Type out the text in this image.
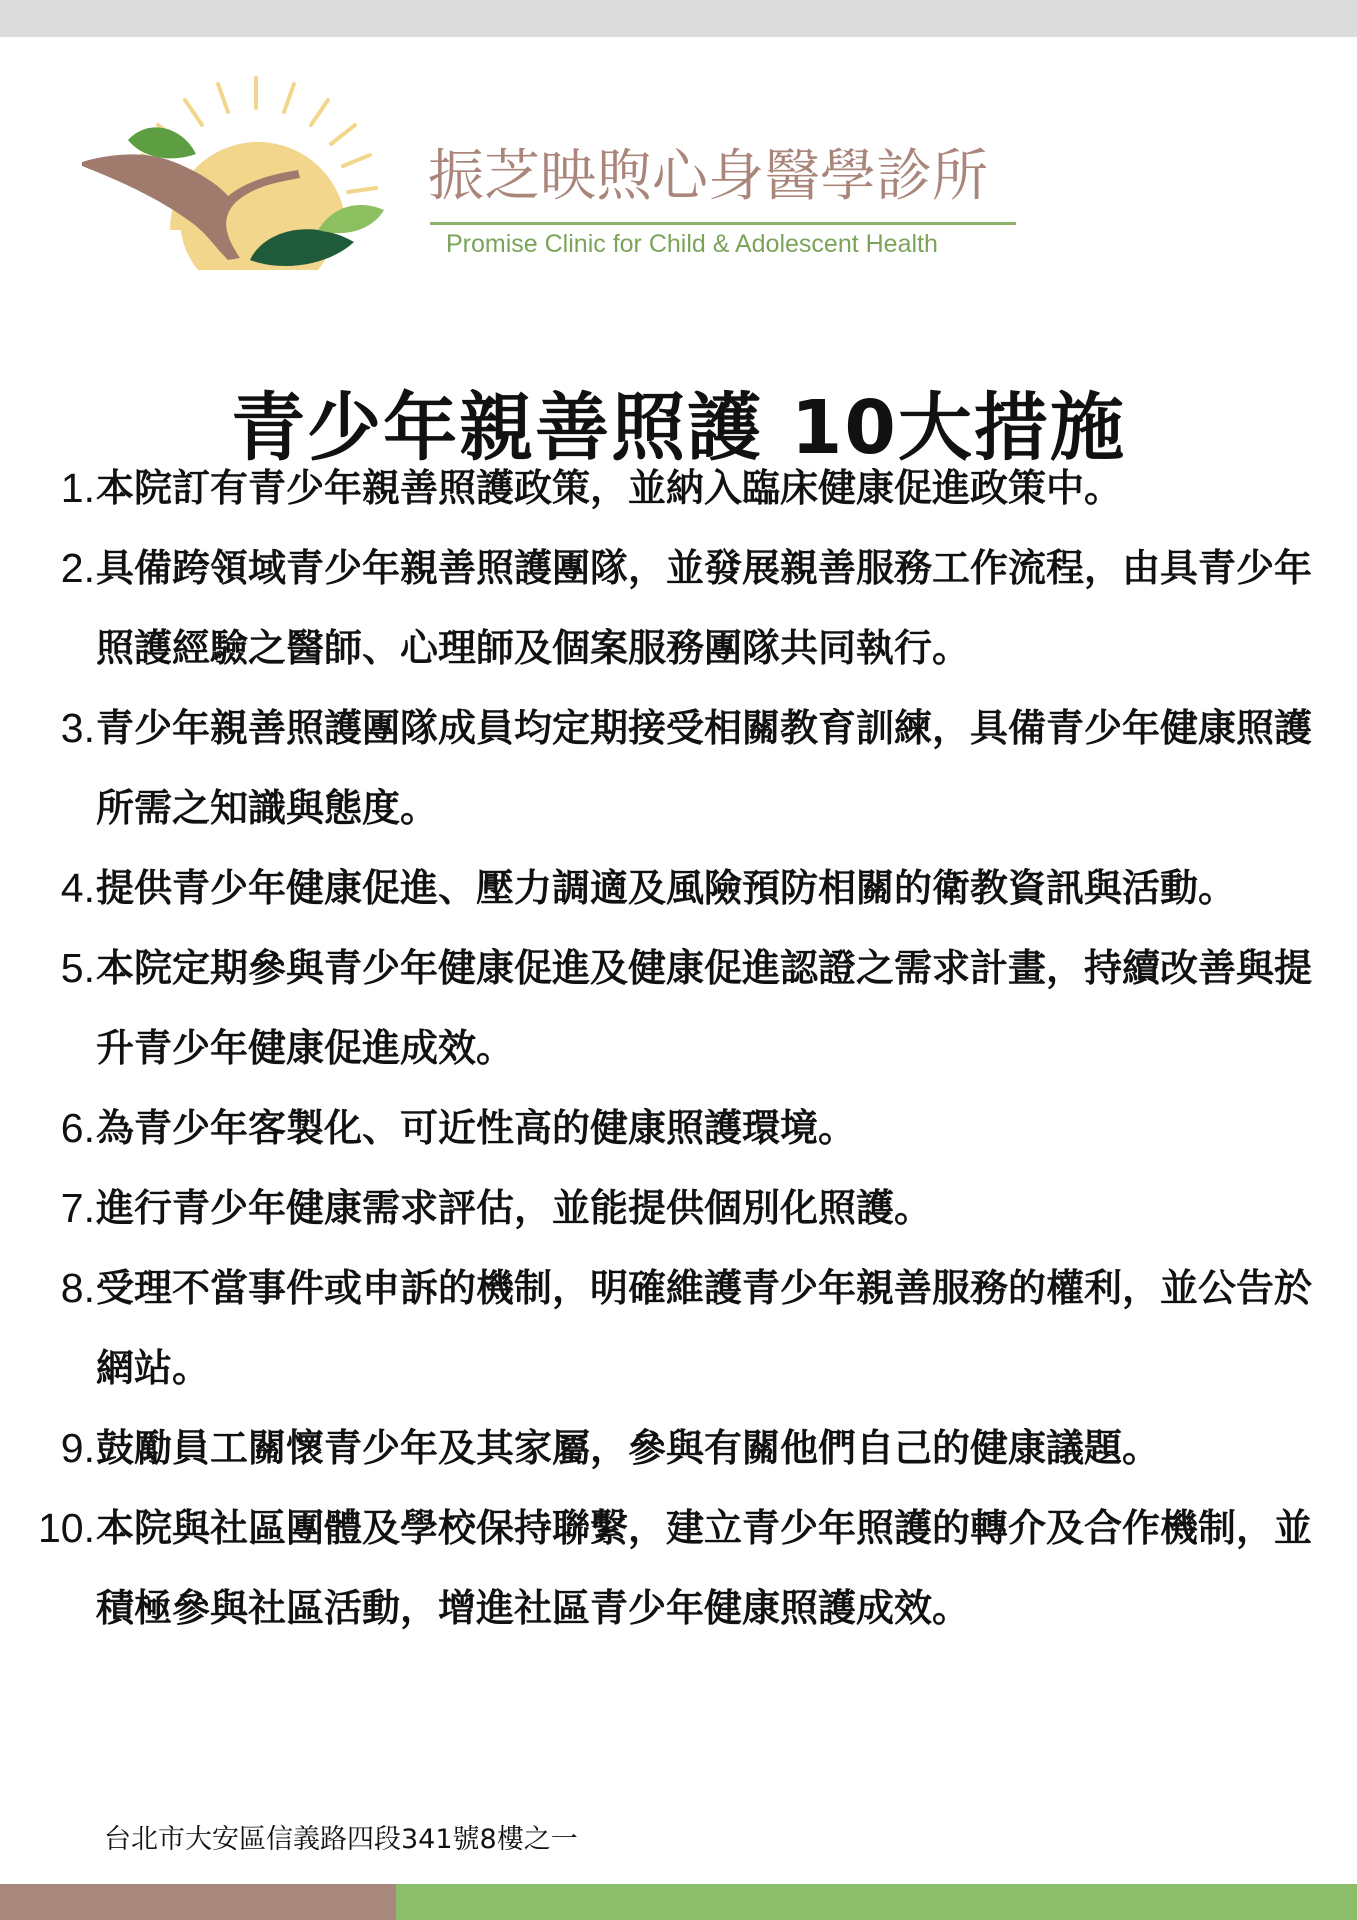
振芝映煦心身醫學診所
Promise Clinic for Child & Adolescent Health
青少年親善照護 10大措施
1. 本院訂有青少年親善照護政策，並納入臨床健康促進政策中。
2. 具備跨領域青少年親善照護團隊，並發展親善服務工作流程，由具青少年照護經驗之醫師、心理師及個案服務團隊共同執行。
3. 青少年親善照護團隊成員均定期接受相關教育訓練，具備青少年健康照護所需之知識與態度。
4. 提供青少年健康促進、壓力調適及風險預防相關的衛教資訊與活動。
5. 本院定期參與青少年健康促進及健康促進認證之需求計畫，持續改善與提升青少年健康促進成效。
6. 為青少年客製化、可近性高的健康照護環境。
7. 進行青少年健康需求評估，並能提供個別化照護。
8. 受理不當事件或申訴的機制，明確維護青少年親善服務的權利，並公告於網站。
9. 鼓勵員工關懷青少年及其家屬，參與有關他們自己的健康議題。
10. 本院與社區團體及學校保持聯繫，建立青少年照護的轉介及合作機制，並積極參與社區活動，增進社區青少年健康照護成效。
台北市大安區信義路四段341號8樓之一
